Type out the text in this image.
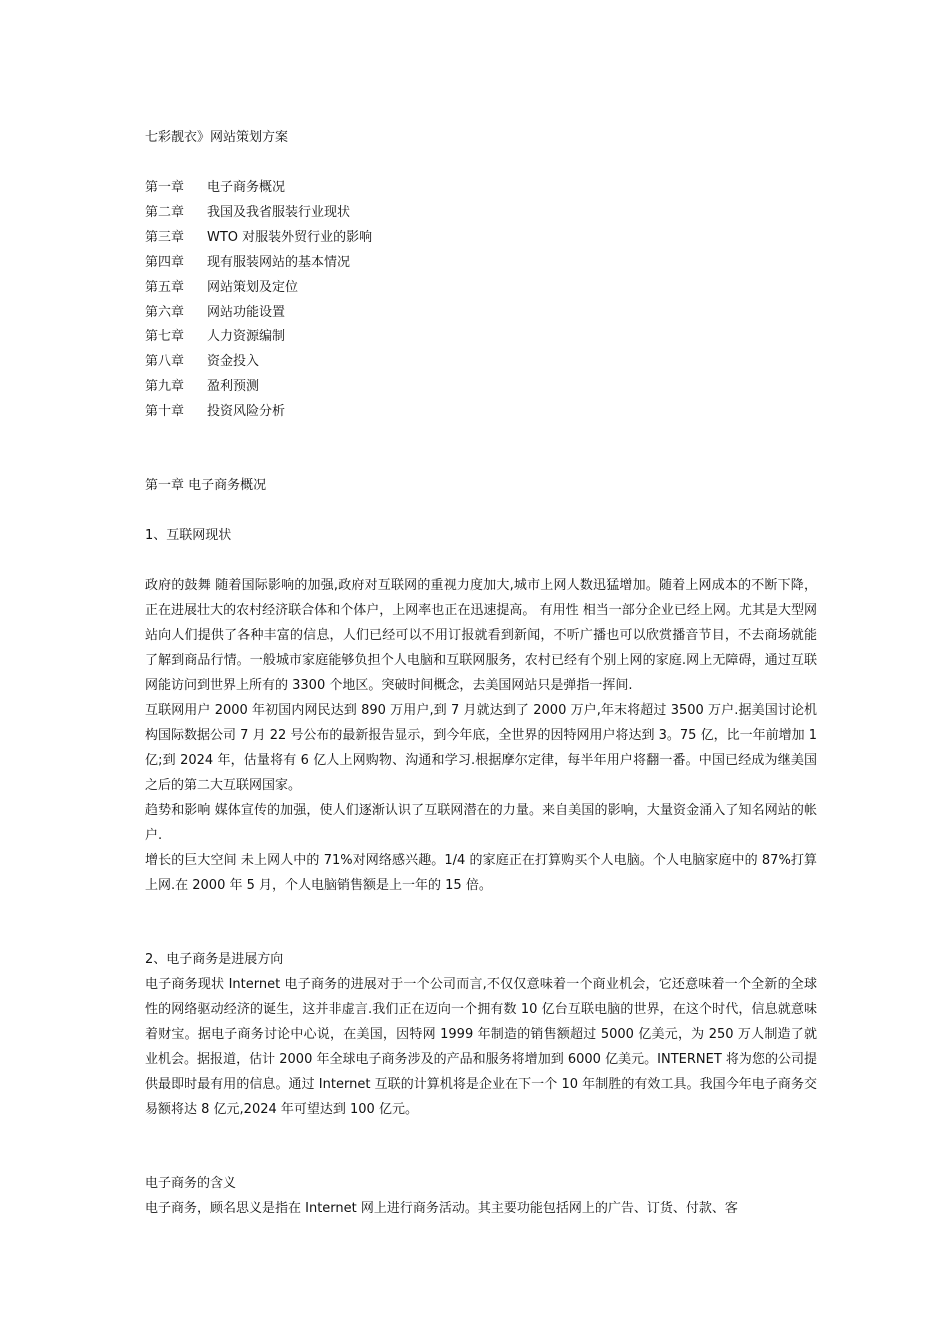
七彩靓衣》网站策划方案
第一章 电子商务概况
第二章 我国及我省服装行业现状
第三章 WTO 对服装外贸行业的影响
第四章 现有服装网站的基本情况
第五章 网站策划及定位
第六章 网站功能设置
第七章 人力资源编制
第八章 资金投入
第九章 盈利预测
第十章 投资风险分析
第一章 电子商务概况
1、互联网现状

政府的鼓舞 随着国际影响的加强,政府对互联网的重视力度加大,城市上网人数迅猛增加。随着上网成本的不断下降，正在进展壮大的农村经济联合体和个体户，上网率也正在迅速提高。 有用性 相当一部分企业已经上网。尤其是大型网站向人们提供了各种丰富的信息，人们已经可以不用订报就看到新闻，不听广播也可以欣赏播音节目，不去商场就能了解到商品行情。一般城市家庭能够负担个人电脑和互联网服务，农村已经有个别上网的家庭.网上无障碍，通过互联网能访问到世界上所有的 3300 个地区。突破时间概念，去美国网站只是弹指一挥间.

互联网用户 2000 年初国内网民达到 890 万用户,到 7 月就达到了 2000 万户,年末将超过 3500 万户.据美国讨论机构国际数据公司 7 月 22 号公布的最新报告显示，到今年底，全世界的因特网用户将达到 3。75 亿，比一年前增加 1 亿;到 2024 年，估量将有 6 亿人上网购物、沟通和学习.根据摩尔定律，每半年用户将翻一番。中国已经成为继美国之后的第二大互联网国家。

趋势和影响 媒体宣传的加强，使人们逐渐认识了互联网潜在的力量。来自美国的影响，大量资金涌入了知名网站的帐户.

增长的巨大空间 未上网人中的 71%对网络感兴趣。1/4 的家庭正在打算购买个人电脑。个人电脑家庭中的 87%打算上网.在 2000 年 5 月，个人电脑销售额是上一年的 15 倍。

2、电子商务是进展方向

电子商务现状 Internet 电子商务的进展对于一个公司而言,不仅仅意味着一个商业机会，它还意味着一个全新的全球性的网络驱动经济的诞生，这并非虚言.我们正在迈向一个拥有数 10 亿台互联电脑的世界，在这个时代，信息就意味着财宝。据电子商务讨论中心说，在美国，因特网 1999 年制造的销售额超过 5000 亿美元，为 250 万人制造了就业机会。据报道，估计 2000 年全球电子商务涉及的产品和服务将增加到 6000 亿美元。INTERNET 将为您的公司提供最即时最有用的信息。通过 Internet 互联的计算机将是企业在下一个 10 年制胜的有效工具。我国今年电子商务交易额将达 8 亿元,2024 年可望达到 100 亿元。

电子商务的含义

电子商务，顾名思义是指在 Internet 网上进行商务活动。其主要功能包括网上的广告、订货、付款、客
